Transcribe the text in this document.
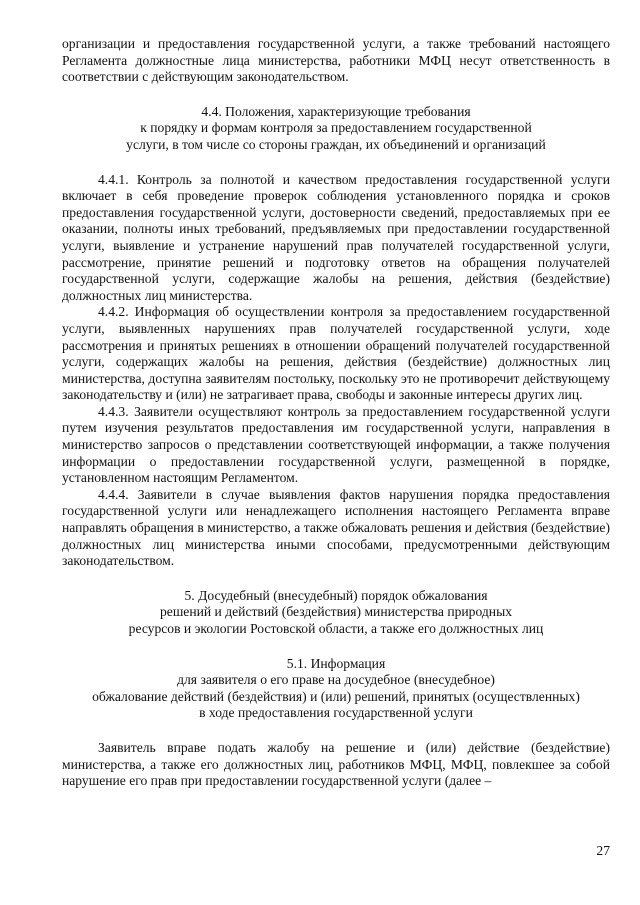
организации и предоставления государственной услуги, а также требований настоящего Регламента должностные лица министерства, работники МФЦ несут ответственность в соответствии с действующим законодательством.

4.4. Положения, характеризующие требования
к порядку и формам контроля за предоставлением государственной
услуги, в том числе со стороны граждан, их объединений и организаций

4.4.1. Контроль за полнотой и качеством предоставления государственной услуги включает в себя проведение проверок соблюдения установленного порядка и сроков предоставления государственной услуги, достоверности сведений, предоставляемых при ее оказании, полноты иных требований, предъявляемых при предоставлении государственной услуги, выявление и устранение нарушений прав получателей государственной услуги, рассмотрение, принятие решений и подготовку ответов на обращения получателей государственной услуги, содержащие жалобы на решения, действия (бездействие) должностных лиц министерства.

4.4.2. Информация об осуществлении контроля за предоставлением государственной услуги, выявленных нарушениях прав получателей государственной услуги, ходе рассмотрения и принятых решениях в отношении обращений получателей государственной услуги, содержащих жалобы на решения, действия (бездействие) должностных лиц министерства, доступна заявителям постольку, поскольку это не противоречит действующему законодательству и (или) не затрагивает права, свободы и законные интересы других лиц.

4.4.3. Заявители осуществляют контроль за предоставлением государственной услуги путем изучения результатов предоставления им государственной услуги, направления в министерство запросов о представлении соответствующей информации, а также получения информации о предоставлении государственной услуги, размещенной в порядке, установленном настоящим Регламентом.

4.4.4. Заявители в случае выявления фактов нарушения порядка предоставления государственной услуги или ненадлежащего исполнения настоящего Регламента вправе направлять обращения в министерство, а также обжаловать решения и действия (бездействие) должностных лиц министерства иными способами, предусмотренными действующим законодательством.

5. Досудебный (внесудебный) порядок обжалования
решений и действий (бездействия) министерства природных
ресурсов и экологии Ростовской области, а также его должностных лиц
5.1. Информация
для заявителя о его праве на досудебное (внесудебное)
обжалование действий (бездействия) и (или) решений, принятых (осуществленных)
в ходе предоставления государственной услуги

Заявитель вправе подать жалобу на решение и (или) действие (бездействие) министерства, а также его должностных лиц, работников МФЦ, МФЦ, повлекшее за собой нарушение его прав при предоставлении государственной услуги (далее –

27
